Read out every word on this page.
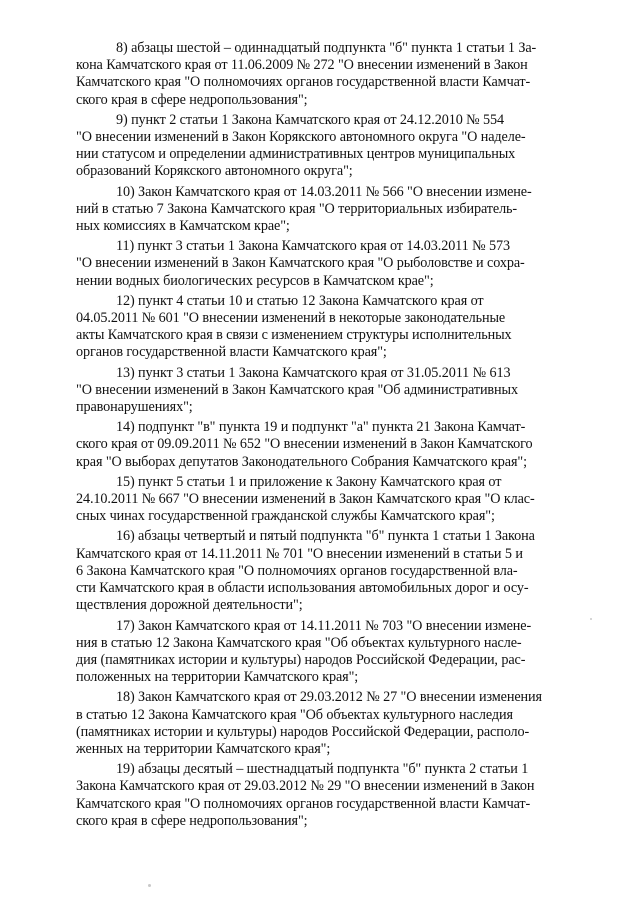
8) абзацы шестой – одиннадцатый подпункта "б" пункта 1 статьи 1 За-
кона Камчатского края от 11.06.2009 № 272 "О внесении изменений в Закон
Камчатского края "О полномочиях органов государственной власти Камчат-
ского края в сфере недропользования";

9) пункт 2 статьи 1 Закона Камчатского края от 24.12.2010 № 554
"О внесении изменений в Закон Корякского автономного округа "О наделе-
нии статусом и определении административных центров муниципальных
образований Корякского автономного округа";

10) Закон Камчатского края от 14.03.2011 № 566 "О внесении измене-
ний в статью 7 Закона Камчатского края "О территориальных избиратель-
ных комиссиях в Камчатском крае";

11) пункт 3 статьи 1 Закона Камчатского края от 14.03.2011 № 573
"О внесении изменений в Закон Камчатского края "О рыболовстве и сохра-
нении водных биологических ресурсов в Камчатском крае";

12) пункт 4 статьи 10 и статью 12 Закона Камчатского края от
04.05.2011 № 601 "О внесении изменений в некоторые законодательные
акты Камчатского края в связи с изменением структуры исполнительных
органов государственной власти Камчатского края";

13) пункт 3 статьи 1 Закона Камчатского края от 31.05.2011 № 613
"О внесении изменений в Закон Камчатского края "Об административных
правонарушениях";

14) подпункт "в" пункта 19 и подпункт "а" пункта 21 Закона Камчат-
ского края от 09.09.2011 № 652 "О внесении изменений в Закон Камчатского
края "О выборах депутатов Законодательного Собрания Камчатского края";

15) пункт 5 статьи 1 и приложение к Закону Камчатского края от
24.10.2011 № 667 "О внесении изменений в Закон Камчатского края "О клас-
сных чинах государственной гражданской службы Камчатского края";

16) абзацы четвертый и пятый подпункта "б" пункта 1 статьи 1 Закона
Камчатского края от 14.11.2011 № 701 "О внесении изменений в статьи 5 и
6 Закона Камчатского края "О полномочиях органов государственной вла-
сти Камчатского края в области использования автомобильных дорог и осу-
ществления дорожной деятельности";

17) Закон Камчатского края от 14.11.2011 № 703 "О внесении измене-
ния в статью 12 Закона Камчатского края "Об объектах культурного насле-
дия (памятниках истории и культуры) народов Российской Федерации, рас-
положенных на территории Камчатского края";

18) Закон Камчатского края от 29.03.2012 № 27 "О внесении изменения
в статью 12 Закона Камчатского края "Об объектах культурного наследия
(памятниках истории и культуры) народов Российской Федерации, располо-
женных на территории Камчатского края";

19) абзацы десятый – шестнадцатый подпункта "б" пункта 2 статьи 1
Закона Камчатского края от 29.03.2012 № 29 "О внесении изменений в Закон
Камчатского края "О полномочиях органов государственной власти Камчат-
ского края в сфере недропользования";
